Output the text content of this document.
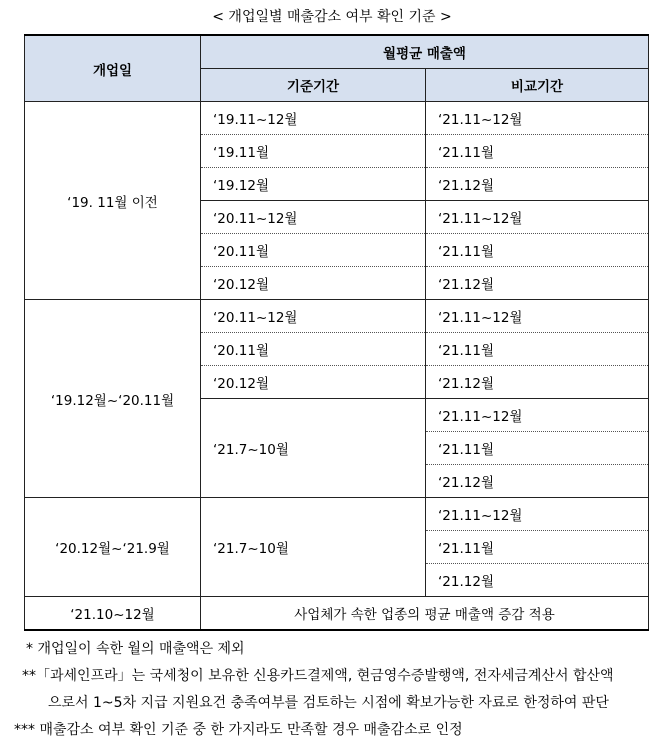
< 개업일별 매출감소 여부 확인 기준 >
개업일	월평균 매출액	
	기준기간	비교기간
‘19. 11월 이전	‘19.11~12월	‘21.11~12월
	‘19.11월	‘21.11월
	‘19.12월	‘21.12월
	‘20.11~12월	‘21.11~12월
	‘20.11월	‘21.11월
	‘20.12월	‘21.12월
‘19.12월~‘20.11월	‘20.11~12월	‘21.11~12월
	‘20.11월	‘21.11월
	‘20.12월	‘21.12월
	‘21.7~10월	‘21.11~12월
		‘21.11월
		‘21.12월
‘20.12월~‘21.9월	‘21.7~10월	‘21.11~12월
		‘21.11월
		‘21.12월
‘21.10~12월	사업체가 속한 업종의 평균 매출액 증감 적용	
* 개업일이 속한 월의 매출액은 제외
**「과세인프라」는 국세청이 보유한 신용카드결제액, 현금영수증발행액, 전자세금계산서 합산액
으로서 1~5차 지급 지원요건 충족여부를 검토하는 시점에 확보가능한 자료로 한정하여 판단
*** 매출감소 여부 확인 기준 중 한 가지라도 만족할 경우 매출감소로 인정
